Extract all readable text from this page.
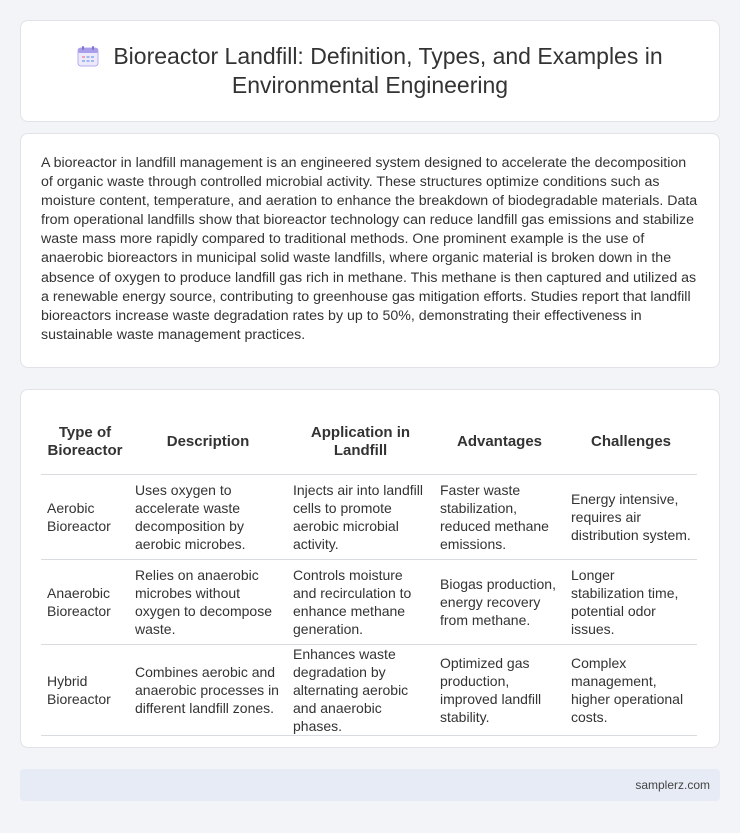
Bioreactor Landfill: Definition, Types, and Examples in Environmental Engineering

A bioreactor in landfill management is an engineered system designed to accelerate the decomposition of organic waste through controlled microbial activity. These structures optimize conditions such as moisture content, temperature, and aeration to enhance the breakdown of biodegradable materials. Data from operational landfills show that bioreactor technology can reduce landfill gas emissions and stabilize waste mass more rapidly compared to traditional methods. One prominent example is the use of anaerobic bioreactors in municipal solid waste landfills, where organic material is broken down in the absence of oxygen to produce landfill gas rich in methane. This methane is then captured and utilized as a renewable energy source, contributing to greenhouse gas mitigation efforts. Studies report that landfill bioreactors increase waste degradation rates by up to 50%, demonstrating their effectiveness in sustainable waste management practices.

Type of Bioreactor	Description	Application in Landfill	Advantages	Challenges
Aerobic Bioreactor	Uses oxygen to accelerate waste decomposition by aerobic microbes.	Injects air into landfill cells to promote aerobic microbial activity.	Faster waste stabilization, reduced methane emissions.	Energy intensive, requires air distribution system.
Anaerobic Bioreactor	Relies on anaerobic microbes without oxygen to decompose waste.	Controls moisture and recirculation to enhance methane generation.	Biogas production, energy recovery from methane.	Longer stabilization time, potential odor issues.
Hybrid Bioreactor	Combines aerobic and anaerobic processes in different landfill zones.	Enhances waste degradation by alternating aerobic and anaerobic phases.	Optimized gas production, improved landfill stability.	Complex management, higher operational costs.
samplerz.com
